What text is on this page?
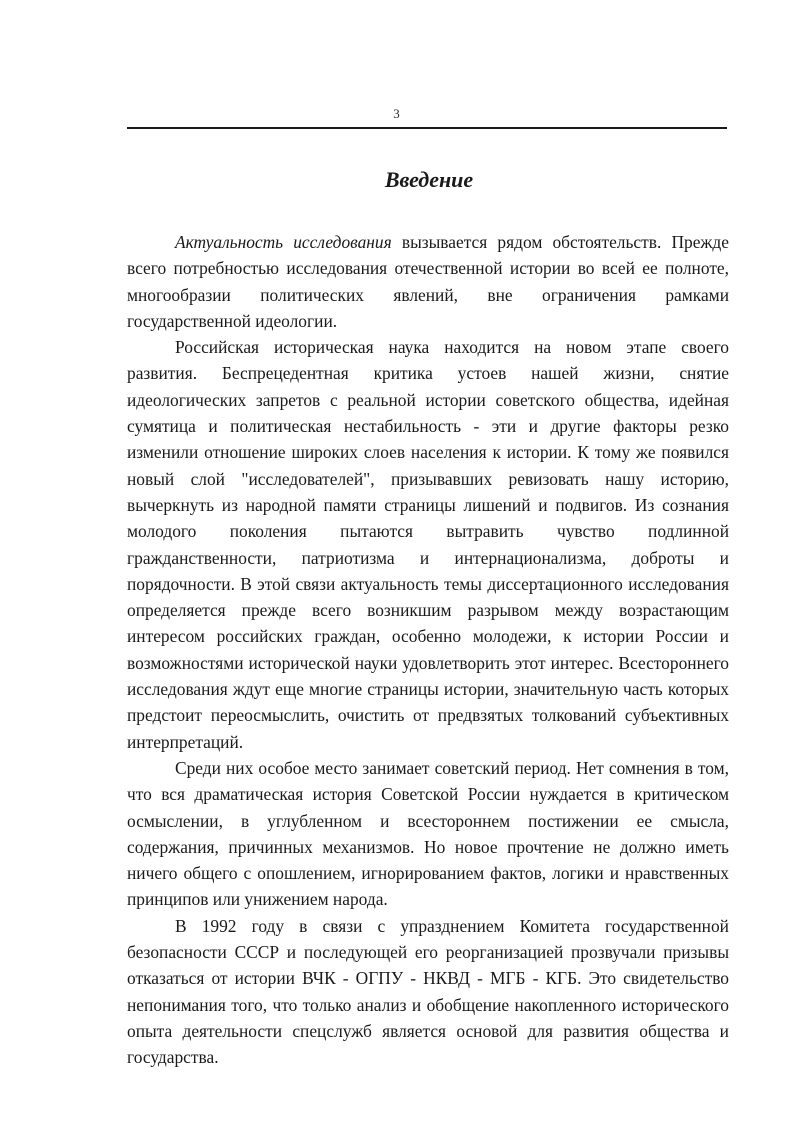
3
Введение

Актуальность исследования вызывается рядом обстоятельств. Прежде всего потребностью исследования отечественной истории во всей ее полноте, многообразии политических явлений, вне ограничения рамками государственной идеологии.

Российская историческая наука находится на новом этапе своего развития. Беспрецедентная критика устоев нашей жизни, снятие идеологических запретов с реальной истории советского общества, идейная сумятица и политическая нестабильность - эти и другие факторы резко изменили отношение широких слоев населения к истории. К тому же появился новый слой "исследователей", призывавших ревизовать нашу историю, вычеркнуть из народной памяти страницы лишений и подвигов. Из сознания молодого поколения пытаются вытравить чувство подлинной гражданственности, патриотизма и интернационализма, доброты и порядочности. В этой связи актуальность темы диссертационного исследования определяется прежде всего возникшим разрывом между возрастающим интересом российских граждан, особенно молодежи, к истории России и возможностями исторической науки удовлетворить этот интерес. Всестороннего исследования ждут еще многие страницы истории, значительную часть которых предстоит переосмыслить, очистить от предвзятых толкований субъективных интерпретаций.

Среди них особое место занимает советский период. Нет сомнения в том, что вся драматическая история Советской России нуждается в критическом осмыслении, в углубленном и всестороннем постижении ее смысла, содержания, причинных механизмов. Но новое прочтение не должно иметь ничего общего с опошлением, игнорированием фактов, логики и нравственных принципов или унижением народа.

В 1992 году в связи с упразднением Комитета государственной безопасности СССР и последующей его реорганизацией прозвучали призывы отказаться от истории ВЧК - ОГПУ - НКВД - МГБ - КГБ. Это свидетельство непонимания того, что только анализ и обобщение накопленного исторического опыта деятельности спецслужб является основой для развития общества и государства.
